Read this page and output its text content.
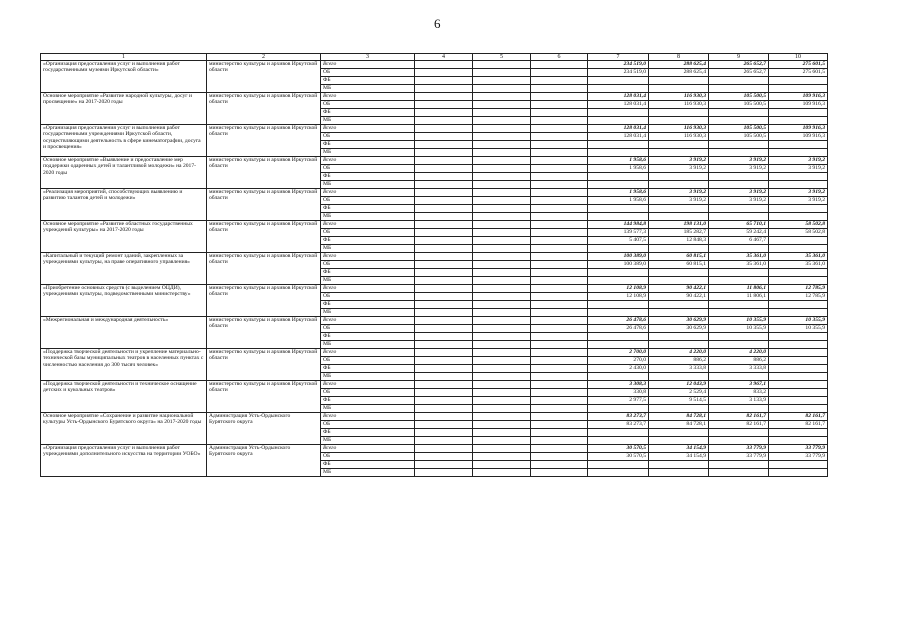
6
1	2	3	4	5	6	7	8	9	10
«Организация предоставления услуг и выполнения работ государственными музеями Иркутской области»	министерство культуры и архивов Иркутской области	Всего				234 519,0	288 625,4	265 652,7	275 601,5
		ОБ				234 519,0	288 625,4	265 652,7	275 601,5
		ФБ							
		МБ							
Основное мероприятие «Развитие народной культуры, досуг и просвещение» на 2017-2020 годы	министерство культуры и архивов Иркутской области	Всего				128 031,4	116 930,3	105 500,5	109 916,3
		ОБ				128 031,4	116 930,3	105 500,5	109 916,3
		ФБ							
		МБ							
«Организация предоставления услуг и выполнения работ государственными учреждениями Иркутской области, осуществляющими деятельность в сфере кинематографии, досуга и просвещения»	министерство культуры и архивов Иркутской области	Всего				128 031,4	116 930,3	105 500,5	109 916,3
		ОБ				128 031,4	116 930,3	105 500,5	109 916,3
		ФБ							
		МБ							
Основное мероприятие «Выявление и предоставление мер поддержки одаренных детей и талантливой молодежи» на 2017-2020 годы	министерство культуры и архивов Иркутской области	Всего				1 958,6	3 919,2	3 919,2	3 919,2
		ОБ				1 958,6	3 919,2	3 919,2	3 919,2
		ФБ							
		МБ							
«Реализация мероприятий, способствующих выявлению и развитию талантов детей и молодежи»	министерство культуры и архивов Иркутской области	Всего				1 958,6	3 919,2	3 919,2	3 919,2
		ОБ				1 958,6	3 919,2	3 919,2	3 919,2
		ФБ							
		МБ							
Основное мероприятие «Развитие областных государственных учреждений культуры» на 2017-2020 годы	министерство культуры и архивов Иркутской области	Всего				144 984,8	198 131,0	65 710,1	58 502,8
		ОБ				139 577,3	185 282,7	59 242,4	58 502,8
		ФБ				5 407,5	12 848,3	6 467,7	
		МБ							
«Капитальный и текущий ремонт зданий, закрепленных за учреждениями культуры, на праве оперативного управления»	министерство культуры и архивов Иркутской области	Всего				100 389,0	60 815,1	35 361,0	35 361,0
		ОБ				100 389,0	60 815,1	35 361,0	35 361,0
		ФБ							
		МБ							
«Приобретение основных средств (с выделением ОЦДИ), учреждениями культуры, подведомственными министерству»	министерство культуры и архивов Иркутской области	Всего				12 108,9	90 422,1	11 806,1	12 785,9
		ОБ				12 108,9	90 422,1	11 806,1	12 785,9
		ФБ							
		МБ							
«Межрегиональная и международная деятельность»	министерство культуры и архивов Иркутской области	Всего				26 478,6	30 629,9	10 355,9	10 355,9
		ОБ				26 478,6	30 629,9	10 355,9	10 355,9
		ФБ							
		МБ							
«Поддержка творческой деятельности и укрепление материально-технической базы муниципальных театров в населенных пунктах с численностью населения до 300 тысяч человек»	министерство культуры и архивов Иркутской области	Всего				2 700,0	4 220,0	4 220,0	
		ОБ				270,0	886,2	886,2	
		ФБ				2 430,0	3 333,8	3 333,8	
		МБ							
«Поддержка творческой деятельности и техническое оснащение детских и кукольных театров»	министерство культуры и архивов Иркутской области	Всего				3 308,3	12 043,9	3 967,1	
		ОБ				330,8	2 529,4	833,2	
		ФБ				2 977,5	9 514,5	3 133,9	
		МБ							
Основное мероприятие «Сохранение и развитие национальной культуры Усть-Ордынского Бурятского округа» на 2017-2020 годы	Администрация Усть-Ордынского Бурятского округа	Всего				83 273,7	84 728,1	82 161,7	82 161,7
		ОБ				83 273,7	84 728,1	82 161,7	82 161,7
		ФБ							
		МБ							
«Организация предоставления услуг и выполнения работ учреждениями дополнительного искусства на территории УОБО»	Администрация Усть-Ордынского Бурятского округа	Всего				30 570,5	34 154,9	33 779,9	33 779,9
		ОБ				30 570,5	34 154,9	33 779,9	33 779,9
		ФБ							
		МБ							
